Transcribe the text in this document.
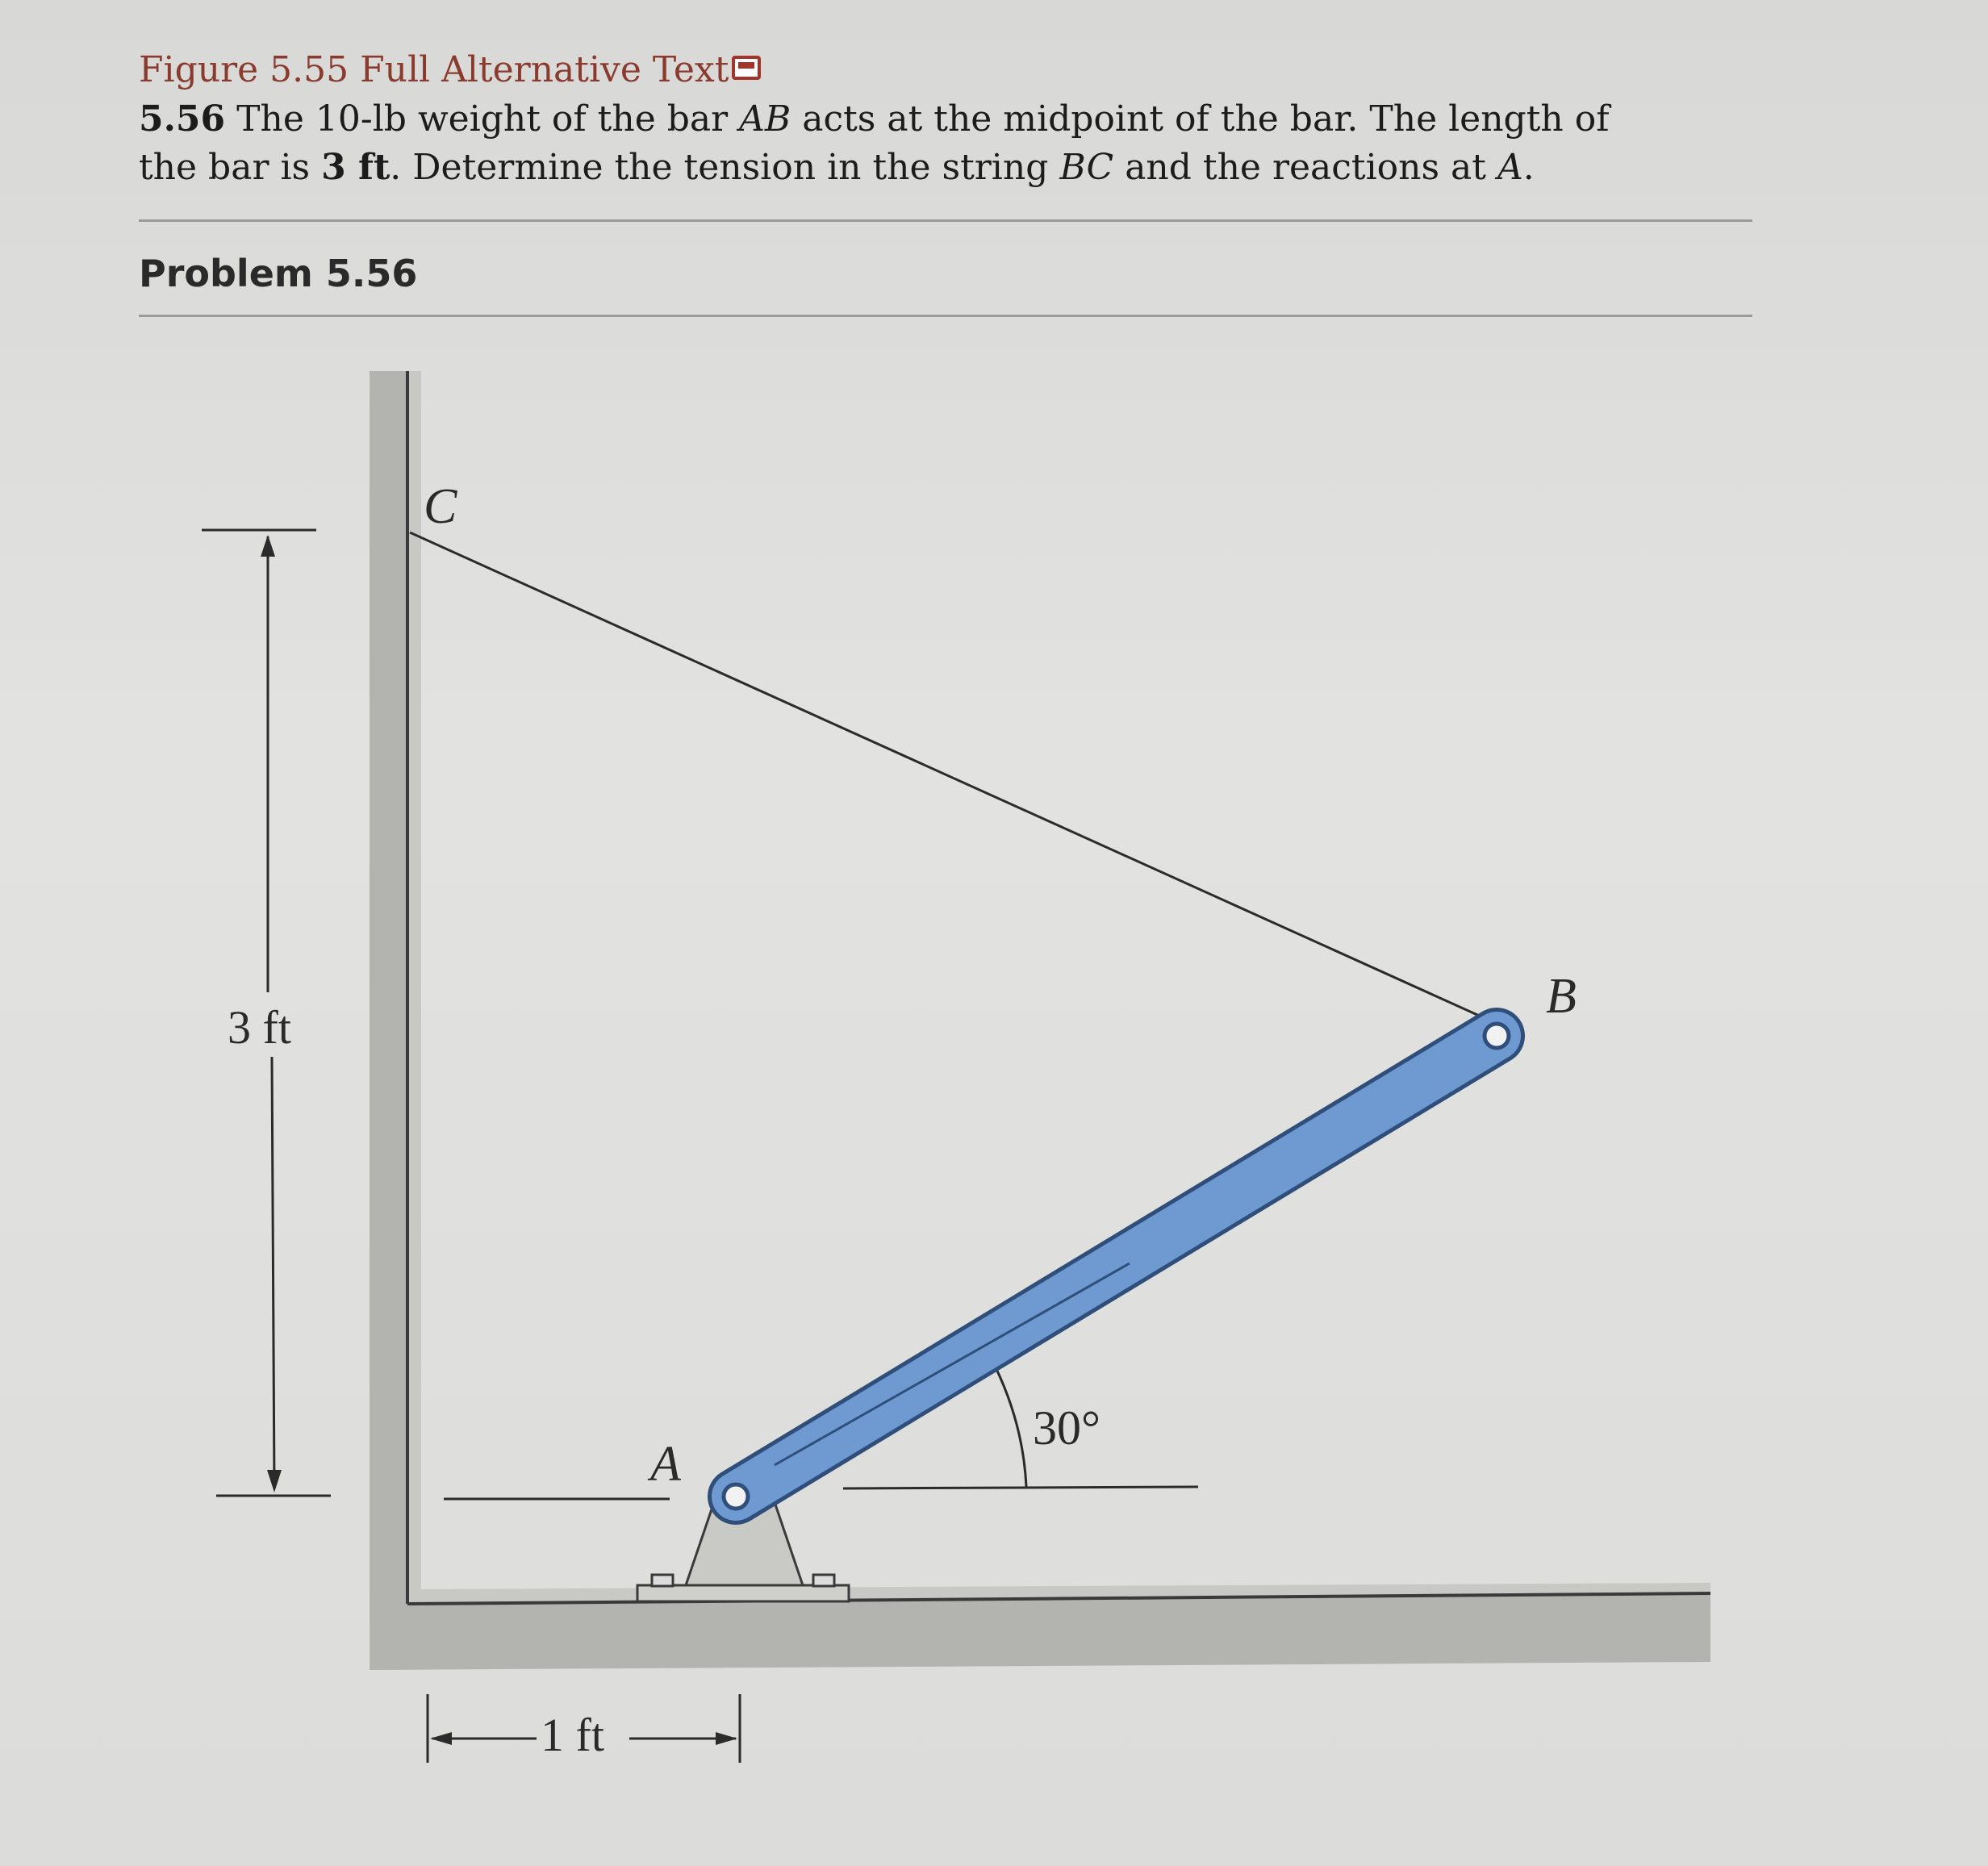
Figure 5.55 Full Alternative Text
5.56 The 10-lb weight of the bar AB acts at the midpoint of the bar. The length of
the bar is 3 ft. Determine the tension in the string BC and the reactions at A.
Problem 5.56
C
B
A
3 ft
1 ft
30°
